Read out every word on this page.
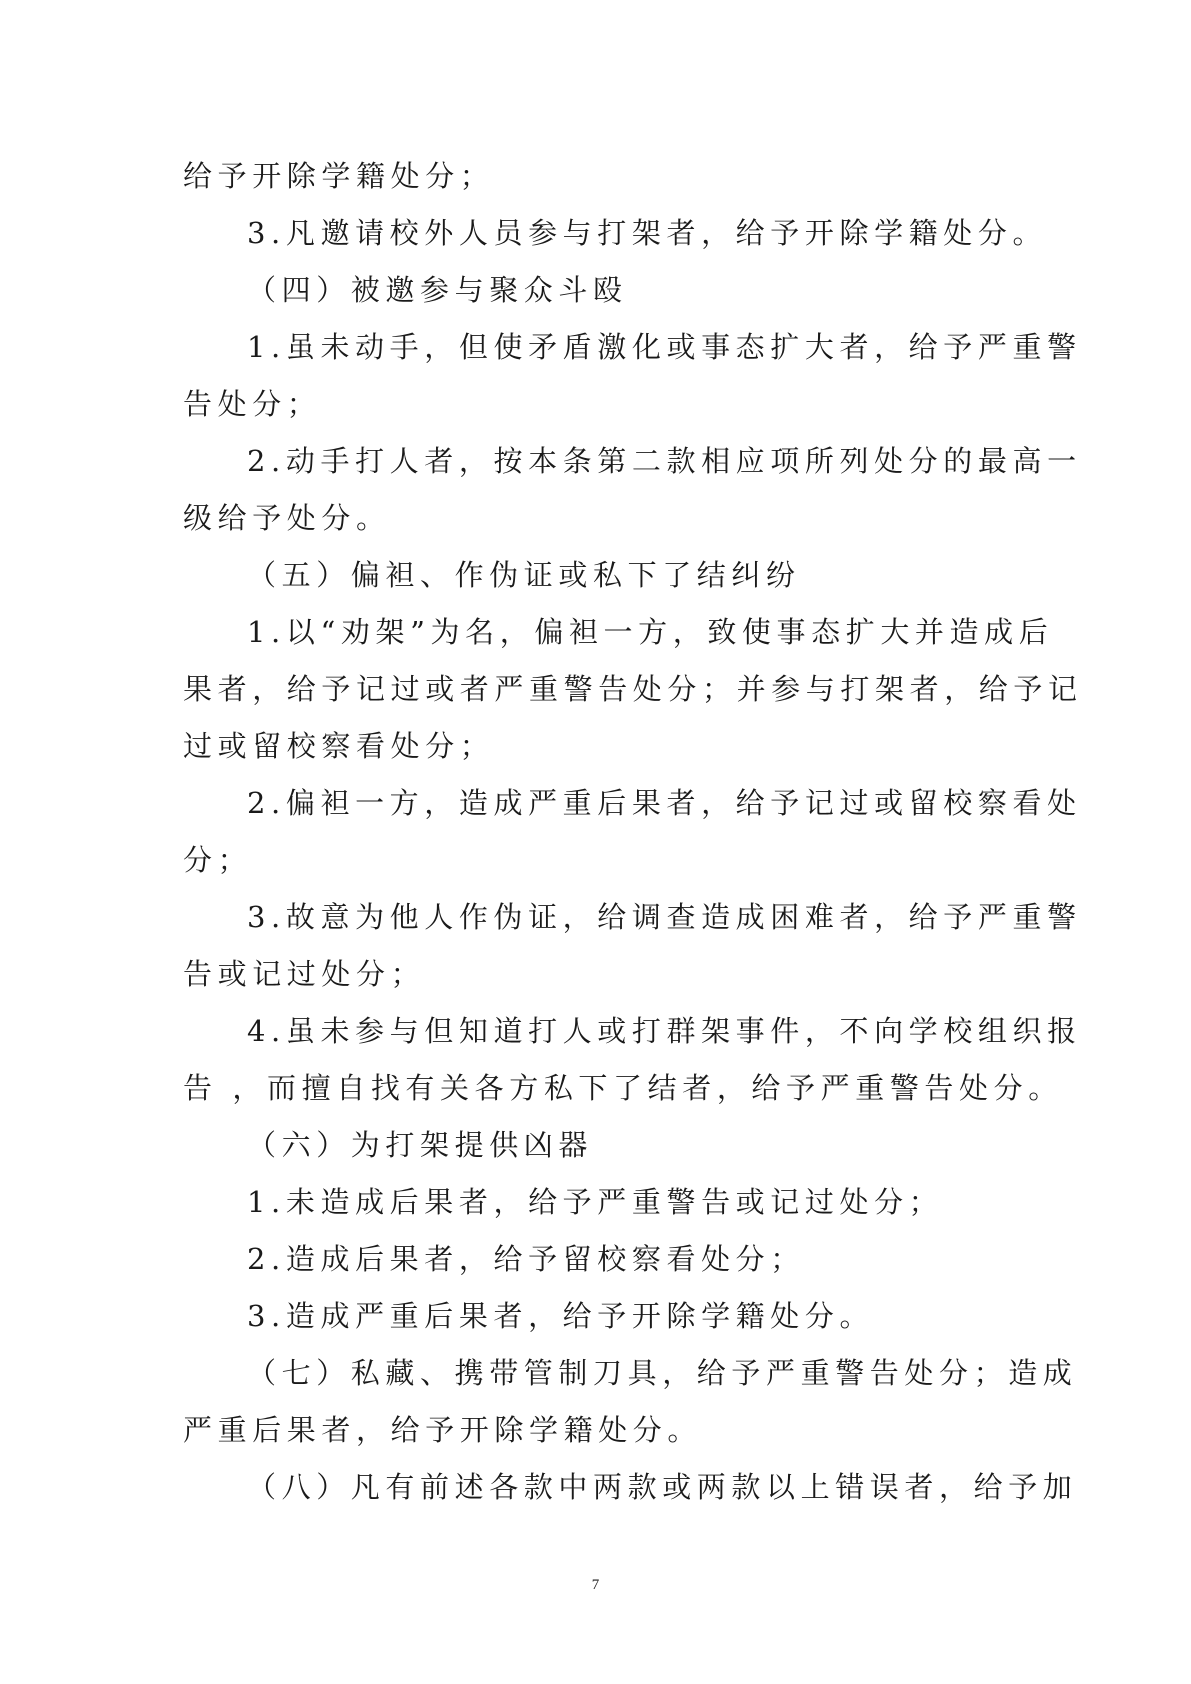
给予开除学籍处分；
3.凡邀请校外人员参与打架者，给予开除学籍处分。
（四）被邀参与聚众斗殴
1.虽未动手，但使矛盾激化或事态扩大者，给予严重警
告处分；
2.动手打人者，按本条第二款相应项所列处分的最高一
级给予处分。
（五）偏袒、作伪证或私下了结纠纷
1.以“劝架”为名，偏袒一方，致使事态扩大并造成后
果者，给予记过或者严重警告处分；并参与打架者，给予记
过或留校察看处分；
2.偏袒一方，造成严重后果者，给予记过或留校察看处
分；
3.故意为他人作伪证，给调查造成困难者，给予严重警
告或记过处分；
4.虽未参与但知道打人或打群架事件，不向学校组织报
告 ，而擅自找有关各方私下了结者，给予严重警告处分。
（六）为打架提供凶器
1.未造成后果者，给予严重警告或记过处分；
2.造成后果者，给予留校察看处分；
3.造成严重后果者，给予开除学籍处分。
（七）私藏、携带管制刀具，给予严重警告处分；造成
严重后果者，给予开除学籍处分。
（八）凡有前述各款中两款或两款以上错误者，给予加
7
